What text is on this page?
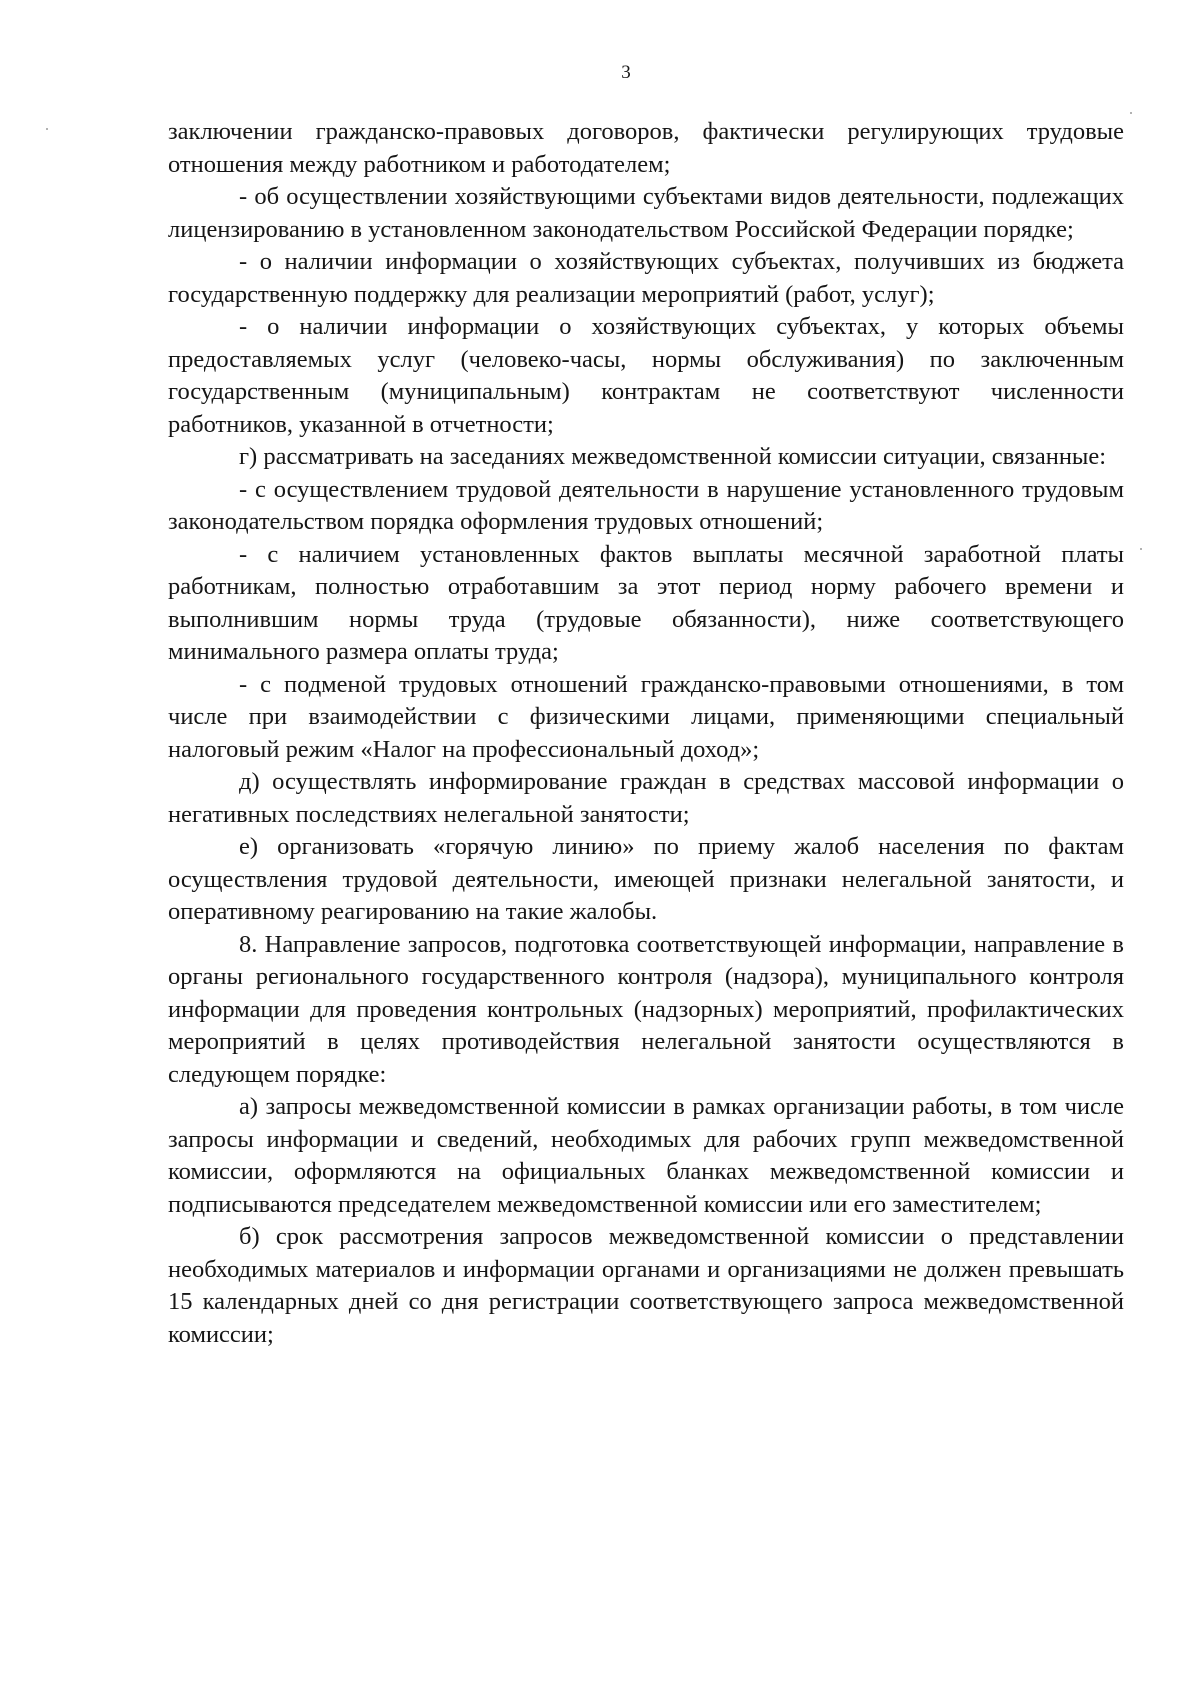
3

заключении гражданско-правовых договоров, фактически регулирующих трудовые отношения между работником и работодателем;

- об осуществлении хозяйствующими субъектами видов деятельности, подлежащих лицензированию в установленном законодательством Российской Федерации порядке;

- о наличии информации о хозяйствующих субъектах, получивших из бюджета государственную поддержку для реализации мероприятий (работ, услуг);

- о наличии информации о хозяйствующих субъектах, у которых объемы предоставляемых услуг (человеко-часы, нормы обслуживания) по заключенным государственным (муниципальным) контрактам не соответствуют численности работников, указанной в отчетности;

г) рассматривать на заседаниях межведомственной комиссии ситуации, связанные:

- с осуществлением трудовой деятельности в нарушение установленного трудовым законодательством порядка оформления трудовых отношений;

- с наличием установленных фактов выплаты месячной заработной платы работникам, полностью отработавшим за этот период норму рабочего времени и выполнившим нормы труда (трудовые обязанности), ниже соответствующего минимального размера оплаты труда;

- с подменой трудовых отношений гражданско-правовыми отношениями, в том числе при взаимодействии с физическими лицами, применяющими специальный налоговый режим «Налог на профессиональный доход»;

д) осуществлять информирование граждан в средствах массовой информации о негативных последствиях нелегальной занятости;

е) организовать «горячую линию» по приему жалоб населения по фактам осуществления трудовой деятельности, имеющей признаки нелегальной занятости, и оперативному реагированию на такие жалобы.

8. Направление запросов, подготовка соответствующей информации, направление в органы регионального государственного контроля (надзора), муниципального контроля информации для проведения контрольных (надзорных) мероприятий, профилактических мероприятий в целях противодействия нелегальной занятости осуществляются в следующем порядке:

а) запросы межведомственной комиссии в рамках организации работы, в том числе запросы информации и сведений, необходимых для рабочих групп межведомственной комиссии, оформляются на официальных бланках межведомственной комиссии и подписываются председателем межведомственной комиссии или его заместителем;

б) срок рассмотрения запросов межведомственной комиссии о представлении необходимых материалов и информации органами и организациями не должен превышать 15 календарных дней со дня регистрации соответствующего запроса межведомственной комиссии;
